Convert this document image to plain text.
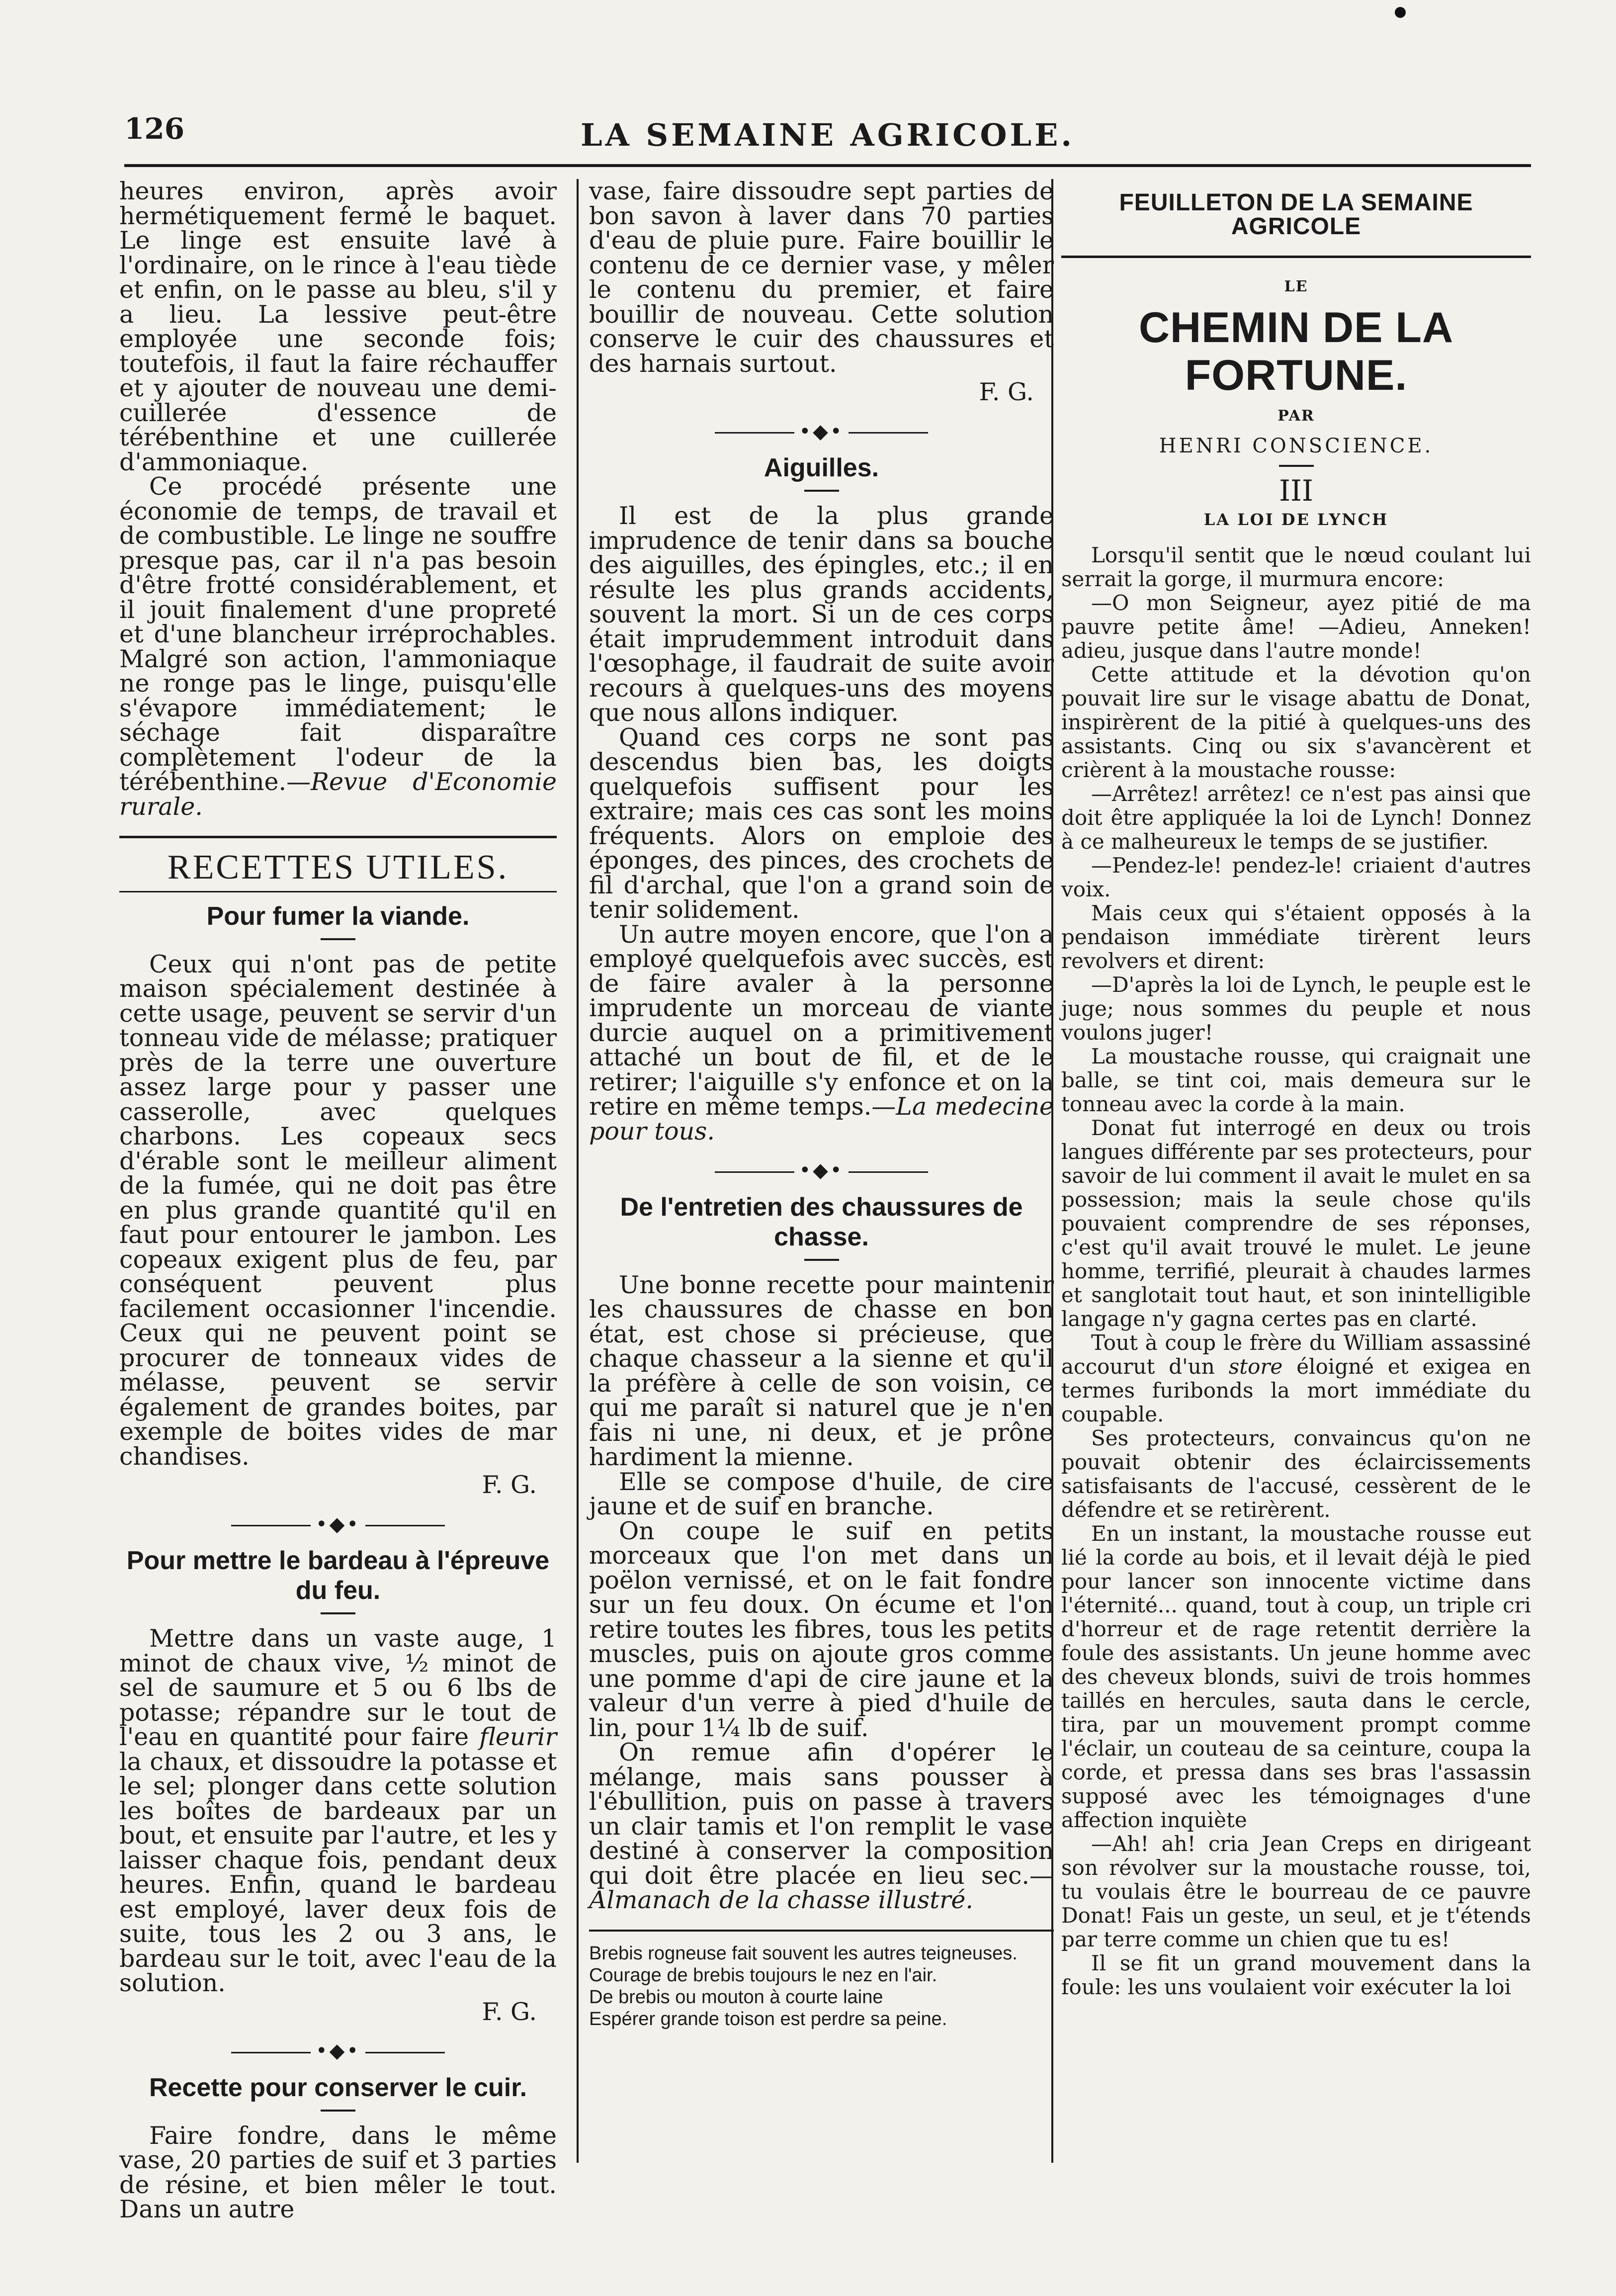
126	LA SEMAINE AGRICOLE.

heures environ, après avoir hermétiquement fermé le baquet. Le linge est ensuite lavé à l'ordinaire, on le rince à l'eau tiède et enfin, on le passe au bleu, s'il y a lieu. La lessive peut-être employée une seconde fois; toutefois, il faut la faire réchauffer et y ajouter de nouveau une demi-cuillerée d'essence de térébenthine et une cuillerée d'ammoniaque.

Ce procédé présente une économie de temps, de travail et de combustible. Le linge ne souffre presque pas, car il n'a pas besoin d'être frotté considérablement, et il jouit finalement d'une propreté et d'une blancheur irréprochables. Malgré son action, l'ammoniaque ne ronge pas le linge, puisqu'elle s'évapore immédiatement; le séchage fait disparaître complètement l'odeur de la térébenthine.—Revue d'Economie rurale.

RECETTES UTILES.
Pour fumer la viande.

Ceux qui n'ont pas de petite maison spécialement destinée à cette usage, peuvent se servir d'un tonneau vide de mélasse; pratiquer près de la terre une ouverture assez large pour y passer une casserolle, avec quelques charbons. Les copeaux secs d'érable sont le meilleur aliment de la fumée, qui ne doit pas être en plus grande quantité qu'il en faut pour entourer le jambon. Les copeaux exigent plus de feu, par conséquent peuvent plus facilement occasionner l'incendie. Ceux qui ne peuvent point se procurer de tonneaux vides de mélasse, peuvent se servir également de grandes boites, par exemple de boites vides de mar chandises.

F. G.
•◆•
Pour mettre le bardeau à l'épreuve du feu.

Mettre dans un vaste auge, 1 minot de chaux vive, ½ minot de sel de saumure et 5 ou 6 lbs de potasse; répandre sur le tout de l'eau en quantité pour faire fleurir la chaux, et dissoudre la potasse et le sel; plonger dans cette solution les boîtes de bardeaux par un bout, et ensuite par l'autre, et les y laisser chaque fois, pendant deux heures. Enfin, quand le bardeau est employé, laver deux fois de suite, tous les 2 ou 3 ans, le bardeau sur le toit, avec l'eau de la solution.

F. G.
•◆•
Recette pour conserver le cuir.

Faire fondre, dans le même vase, 20 parties de suif et 3 parties de résine, et bien mêler le tout. Dans un autre

vase, faire dissoudre sept parties de bon savon à laver dans 70 parties d'eau de pluie pure. Faire bouillir le contenu de ce dernier vase, y mêler le contenu du premier, et faire bouillir de nouveau. Cette solution conserve le cuir des chaussures et des harnais surtout.

F. G.
•◆•
Aiguilles.

Il est de la plus grande imprudence de tenir dans sa bouche des aiguilles, des épingles, etc.; il en résulte les plus grands accidents, souvent la mort. Si un de ces corps était imprudemment introduit dans l'œsophage, il faudrait de suite avoir recours à quelques-uns des moyens que nous allons indiquer.

Quand ces corps ne sont pas descendus bien bas, les doigts quelquefois suffisent pour les extraire; mais ces cas sont les moins fréquents. Alors on emploie des éponges, des pinces, des crochets de fil d'archal, que l'on a grand soin de tenir solidement.

Un autre moyen encore, que l'on a employé quelquefois avec succès, est de faire avaler à la personne imprudente un morceau de viante durcie auquel on a primitivement attaché un bout de fil, et de le retirer; l'aiguille s'y enfonce et on la retire en même temps.—La medecine pour tous.

•◆•
De l'entretien des chaussures de chasse.

Une bonne recette pour maintenir les chaussures de chasse en bon état, est chose si précieuse, que chaque chasseur a la sienne et qu'il la préfère à celle de son voisin, ce qui me paraît si naturel que je n'en fais ni une, ni deux, et je prône hardiment la mienne.

Elle se compose d'huile, de cire jaune et de suif en branche.

On coupe le suif en petits morceaux que l'on met dans un poëlon vernissé, et on le fait fondre sur un feu doux. On écume et l'on retire toutes les fibres, tous les petits muscles, puis on ajoute gros comme une pomme d'api de cire jaune et la valeur d'un verre à pied d'huile de lin, pour 1¼ lb de suif.

On remue afin d'opérer le mélange, mais sans pousser à l'ébullition, puis on passe à travers un clair tamis et l'on remplit le vase destiné à conserver la composition qui doit être placée en lieu sec.—Almanach de la chasse illustré.

Brebis rogneuse fait souvent les autres teigneuses.
Courage de brebis toujours le nez en l'air.
De brebis ou mouton à courte laine
Espérer grande toison est perdre sa peine.
FEUILLETON DE LA SEMAINE AGRICOLE
LE
CHEMIN DE LA FORTUNE.
PAR
HENRI CONSCIENCE.
III
LA LOI DE LYNCH

Lorsqu'il sentit que le nœud coulant lui serrait la gorge, il murmura encore:

—O mon Seigneur, ayez pitié de ma pauvre petite âme! —Adieu, Anneken! adieu, jusque dans l'autre monde!

Cette attitude et la dévotion qu'on pouvait lire sur le visage abattu de Donat, inspirèrent de la pitié à quelques-uns des assistants. Cinq ou six s'avancèrent et crièrent à la moustache rousse:

—Arrêtez! arrêtez! ce n'est pas ainsi que doit être appliquée la loi de Lynch! Donnez à ce malheureux le temps de se justifier.

—Pendez-le! pendez-le! criaient d'autres voix.

Mais ceux qui s'étaient opposés à la pendaison immédiate tirèrent leurs revolvers et dirent:

—D'après la loi de Lynch, le peuple est le juge; nous sommes du peuple et nous voulons juger!

La moustache rousse, qui craignait une balle, se tint coi, mais demeura sur le tonneau avec la corde à la main.

Donat fut interrogé en deux ou trois langues différente par ses protecteurs, pour savoir de lui comment il avait le mulet en sa possession; mais la seule chose qu'ils pouvaient comprendre de ses réponses, c'est qu'il avait trouvé le mulet. Le jeune homme, terrifié, pleurait à chaudes larmes et sanglotait tout haut, et son inintelligible langage n'y gagna certes pas en clarté.

Tout à coup le frère du William assassiné accourut d'un store éloigné et exigea en termes furibonds la mort immédiate du coupable.

Ses protecteurs, convaincus qu'on ne pouvait obtenir des éclaircissements satisfaisants de l'accusé, cessèrent de le défendre et se retirèrent.

En un instant, la moustache rousse eut lié la corde au bois, et il levait déjà le pied pour lancer son innocente victime dans l'éternité... quand, tout à coup, un triple cri d'horreur et de rage retentit derrière la foule des assistants. Un jeune homme avec des cheveux blonds, suivi de trois hommes taillés en hercules, sauta dans le cercle, tira, par un mouvement prompt comme l'éclair, un couteau de sa ceinture, coupa la corde, et pressa dans ses bras l'assassin supposé avec les témoignages d'une affection inquiète

—Ah! ah! cria Jean Creps en dirigeant son révolver sur la moustache rousse, toi, tu voulais être le bourreau de ce pauvre Donat! Fais un geste, un seul, et je t'étends par terre comme un chien que tu es!

Il se fit un grand mouvement dans la foule: les uns voulaient voir exécuter la loi
